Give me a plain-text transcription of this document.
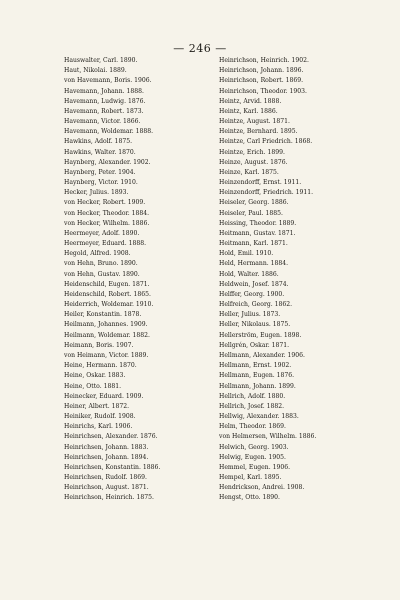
— 246 —
Hauswalter, Carl. 1890.
Haut, Nikolai. 1889.
von Havemann, Boris. 1906.
Havemann, Johann. 1888.
Havemann, Ludwig. 1876.
Havemann, Robert. 1873.
Havemann, Victor. 1866.
Havemann, Woldemar. 1888.
Hawkins, Adolf. 1875.
Hawkins, Walter. 1870.
Haynberg, Alexander. 1902.
Haynberg, Peter. 1904.
Haynberg, Victor. 1910.
Hecker, Julius. 1893.
von Hecker, Robert. 1909.
von Hecker, Theodor. 1884.
von Hecker, Wilhelm. 1886.
Heermeyer, Adolf. 1890.
Heermeyer, Eduard. 1888.
Hegold, Alfred. 1908.
von Hehn, Bruno. 1890.
von Hehn, Gustav. 1890.
Heidenschild, Eugen. 1871.
Heidenschild, Robert. 1865.
Heiderrich, Woldemar. 1910.
Heiler, Konstantin. 1878.
Heilmann, Johannes. 1909.
Heilmann, Woldemar. 1882.
Heimann, Boris. 1907.
von Heimann, Victor. 1889.
Heine, Hermann. 1870.
Heine, Oskar. 1883.
Heine, Otto. 1881.
Heinecker, Eduard. 1909.
Heiner, Albert. 1872.
Heiniker, Rudolf. 1908.
Heinrichs, Karl. 1906.
Heinrichsen, Alexander. 1876.
Heinrichsen, Johann. 1883.
Heinrichsen, Johann. 1894.
Heinrichsen, Konstantin. 1886.
Heinrichsen, Rudolf. 1869.
Heinrichson, August. 1871.
Heinrichson, Heinrich. 1875.
Heinrichson, Heinrich. 1902.
Heinrichson, Johann. 1896.
Heinrichson, Robert. 1869.
Heinrichson, Theodor. 1903.
Heintz, Arvid. 1888.
Heintz, Karl. 1886.
Heintze, August. 1871.
Heintze, Bernhard. 1895.
Heintze, Carl Friedrich. 1868.
Heintze, Erich. 1899.
Heinze, August. 1876.
Heinze, Karl. 1875.
Heinzendorff, Ernst. 1911.
Heinzendorff, Friedrich. 1911.
Heiseler, Georg. 1886.
Heiseler, Paul. 1885.
Heissing, Theodor. 1889.
Heitmann, Gustav. 1871.
Heitmann, Karl. 1871.
Hold, Emil. 1910.
Held, Hermann. 1884.
Hold, Walter. 1886.
Heldwein, Josef. 1874.
Helffer, Georg. 1900.
Helfreich, Georg. 1862.
Heller, Julius. 1873.
Heller, Nikolaus. 1875.
Hellerström, Eugen. 1898.
Hellgrén, Oskar. 1871.
Hellmann, Alexander. 1906.
Hellmann, Ernst. 1902.
Hellmann, Eugen. 1876.
Hellmann, Johann. 1899.
Hellrich, Adolf. 1880.
Hellrich, Josef. 1882.
Hellwig, Alexander. 1883.
Helm, Theodor. 1869.
von Helmersen, Wilhelm. 1886.
Helwich, Georg. 1903.
Helwig, Eugen. 1905.
Hemmel, Eugen. 1906.
Hempel, Karl. 1895.
Hendrickson, Andrei. 1908.
Hengst, Otto. 1890.
